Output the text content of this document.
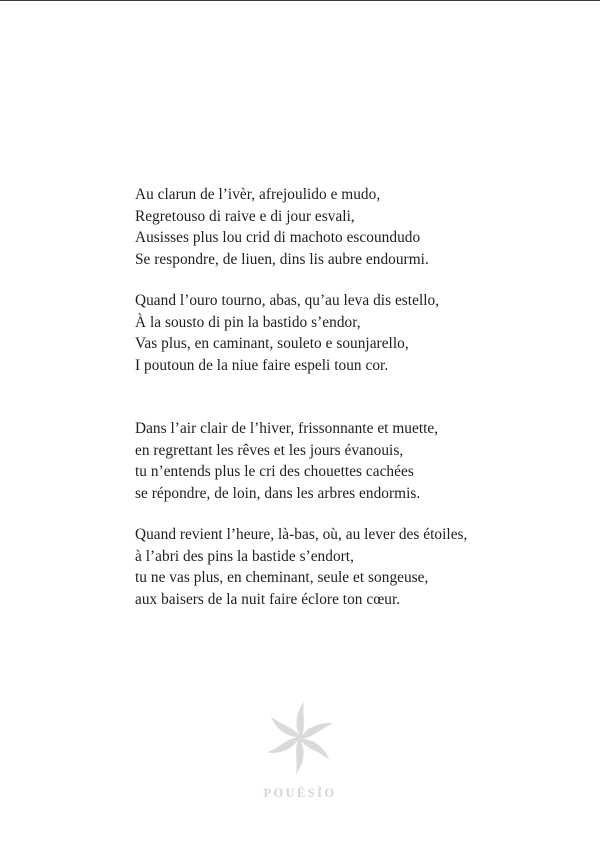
Au clarun de l’ivèr, afrejoulido e mudo,
Regretouso di raive e di jour esvali,
Ausisses plus lou crid di machoto escoundudo
Se respondre, de liuen, dins lis aubre endourmi.
Quand l’ouro tourno, abas, qu’au leva dis estello,
À la sousto di pin la bastido s’endor,
Vas plus, en caminant, souleto e sounjarello,
I poutoun de la niue faire espeli toun cor.
Dans l’air clair de l’hiver, frissonnante et muette,
en regrettant les rêves et les jours évanouis,
tu n’entends plus le cri des chouettes cachées
se répondre, de loin, dans les arbres endormis.
Quand revient l’heure, là-bas, où, au lever des étoiles,
à l’abri des pins la bastide s’endort,
tu ne vas plus, en cheminant, seule et songeuse,
aux baisers de la nuit faire éclore ton cœur.
POUËSÌO
